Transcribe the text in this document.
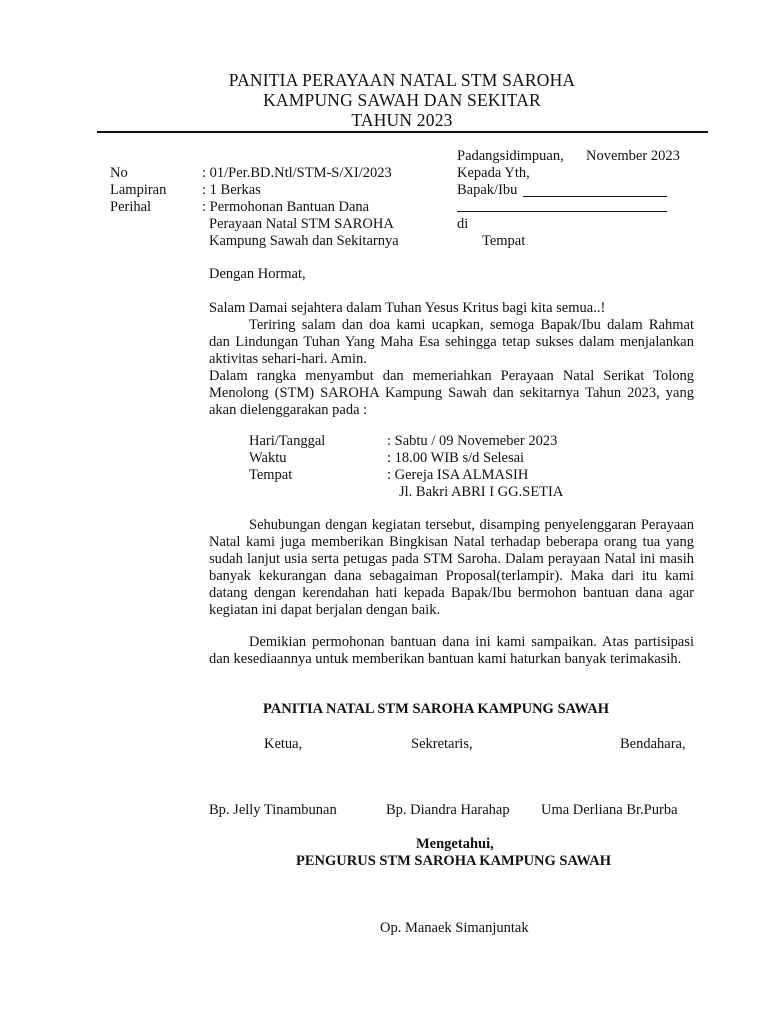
PANITIA PERAYAAN NATAL STM SAROHA
KAMPUNG SAWAH DAN SEKITAR
TAHUN 2023
Padangsidimpuan, November 2023
No	: 01/Per.BD.Ntl/STM-S/XI/2023
Lampiran : 1 Berkas
Perihal	: Permohonan Bantuan Dana
Perayaan Natal STM SAROHA
Kampung Sawah dan Sekitarnya
Kepada Yth,
Bapak/Ibu
di
Tempat
Dengan Hormat,
Salam Damai sejahtera dalam Tuhan Yesus Kritus bagi kita semua..!
Teriring salam dan doa kami ucapkan, semoga Bapak/Ibu dalam Rahmat dan Lindungan Tuhan Yang Maha Esa sehingga tetap sukses dalam menjalankan aktivitas sehari-hari. Amin.
Dalam rangka menyambut dan memeriahkan Perayaan Natal Serikat Tolong Menolong (STM) SAROHA Kampung Sawah dan sekitarnya Tahun 2023, yang akan dielenggarakan pada :
Hari/Tanggal	: Sabtu / 09 Novemeber 2023
Waktu	: 18.00 WIB s/d Selesai
Tempat	: Gereja ISA ALMASIH
Jl. Bakri ABRI I GG.SETIA
Sehubungan dengan kegiatan tersebut, disamping penyelenggaran Perayaan Natal kami juga memberikan Bingkisan Natal terhadap beberapa orang tua yang sudah lanjut usia serta petugas pada STM Saroha. Dalam perayaan Natal ini masih banyak kekurangan dana sebagaiman Proposal(terlampir). Maka dari itu kami datang dengan kerendahan hati kepada Bapak/Ibu bermohon bantuan dana agar kegiatan ini dapat berjalan dengan baik.
Demikian permohonan bantuan dana ini kami sampaikan. Atas partisipasi dan kesediaannya untuk memberikan bantuan kami haturkan banyak terimakasih.
PANITIA NATAL STM SAROHA KAMPUNG SAWAH
Ketua,	Sekretaris,	Bendahara,
Bp. Jelly Tinambunan	Bp. Diandra Harahap Uma Derliana Br.Purba
Mengetahui,
PENGURUS STM SAROHA KAMPUNG SAWAH
Op. Manaek Simanjuntak
